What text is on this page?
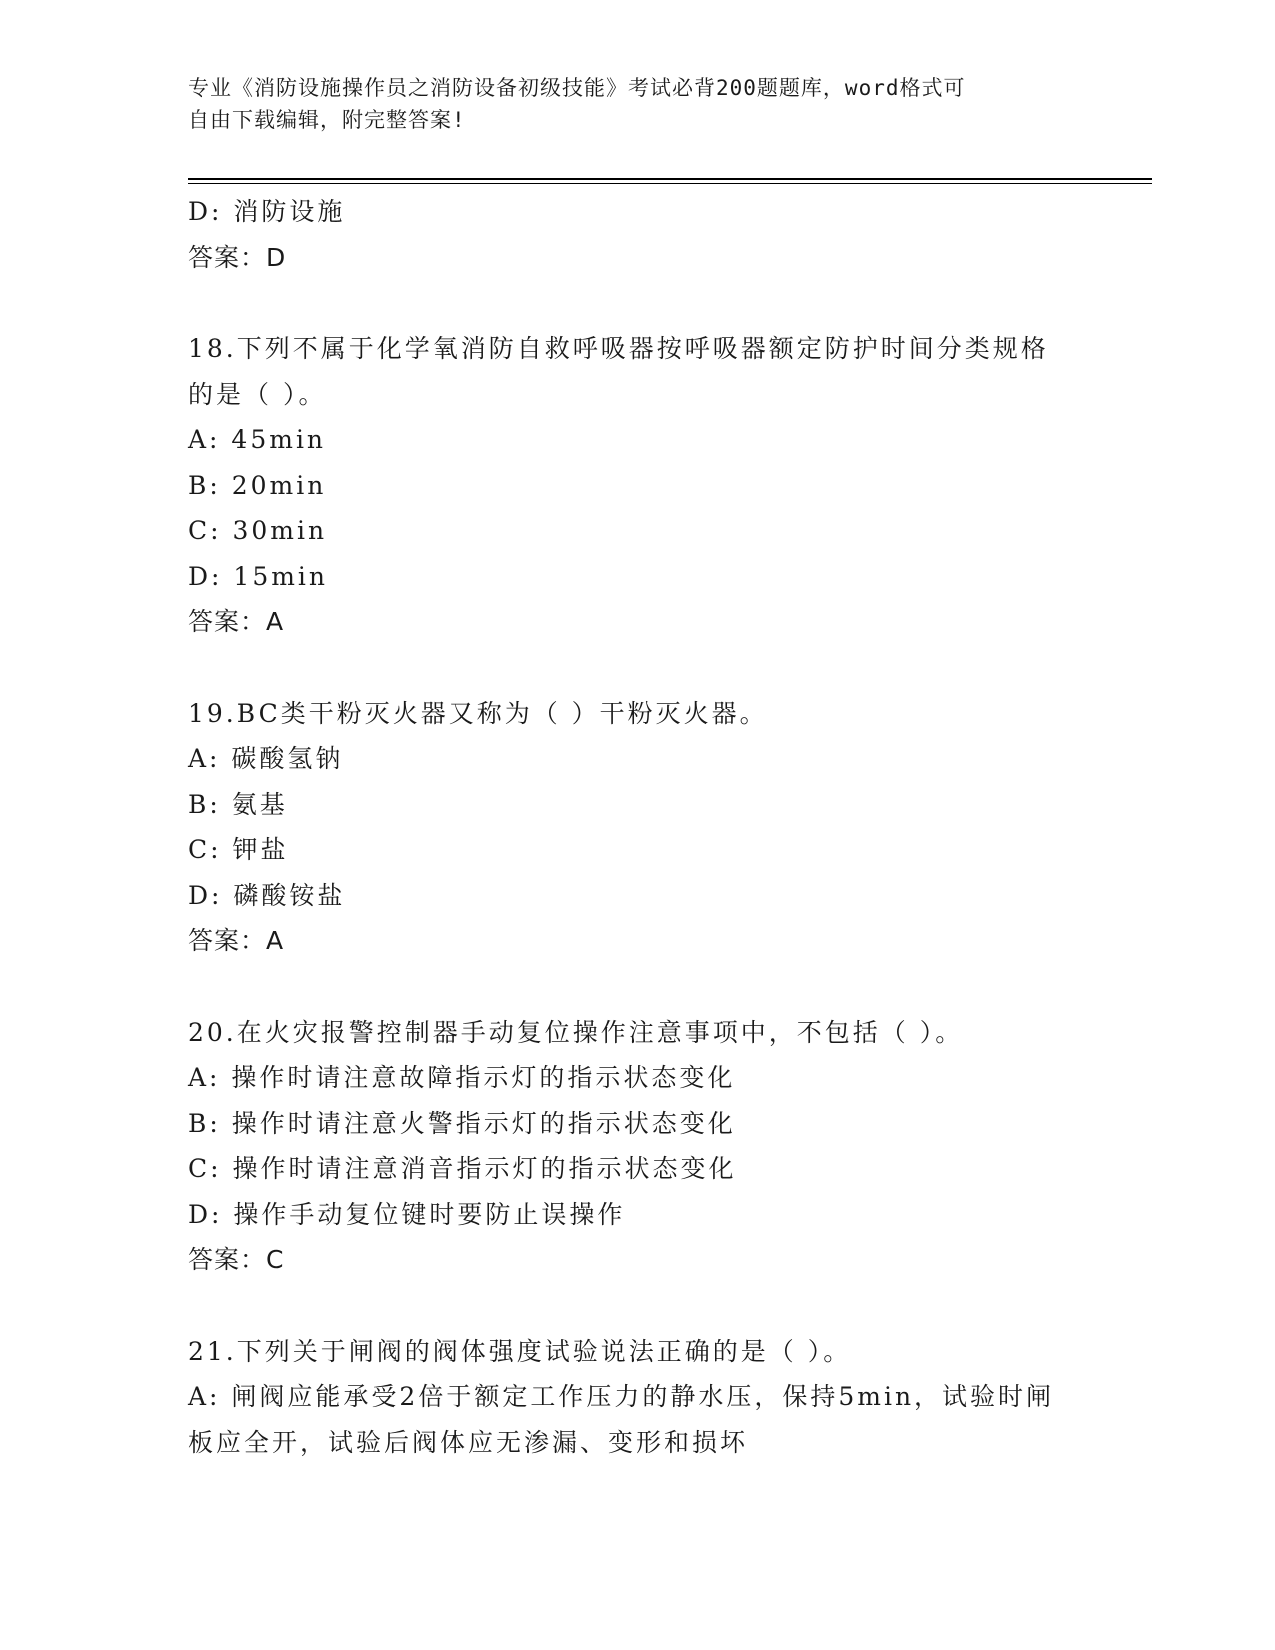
专业《消防设施操作员之消防设备初级技能》考试必背200题题库，word格式可
自由下载编辑，附完整答案!
D: 消防设施
答案：D
18.下列不属于化学氧消防自救呼吸器按呼吸器额定防护时间分类规格
的是（ ）。
A: 45min
B: 20min
C: 30min
D: 15min
答案：A
19.BC类干粉灭火器又称为（ ）干粉灭火器。
A: 碳酸氢钠
B: 氨基
C: 钾盐
D: 磷酸铵盐
答案：A
20.在火灾报警控制器手动复位操作注意事项中，不包括（ ）。
A: 操作时请注意故障指示灯的指示状态变化
B: 操作时请注意火警指示灯的指示状态变化
C: 操作时请注意消音指示灯的指示状态变化
D: 操作手动复位键时要防止误操作
答案：C
21.下列关于闸阀的阀体强度试验说法正确的是（ ）。
A: 闸阀应能承受2倍于额定工作压力的静水压，保持5min，试验时闸
板应全开，试验后阀体应无渗漏、变形和损坏
